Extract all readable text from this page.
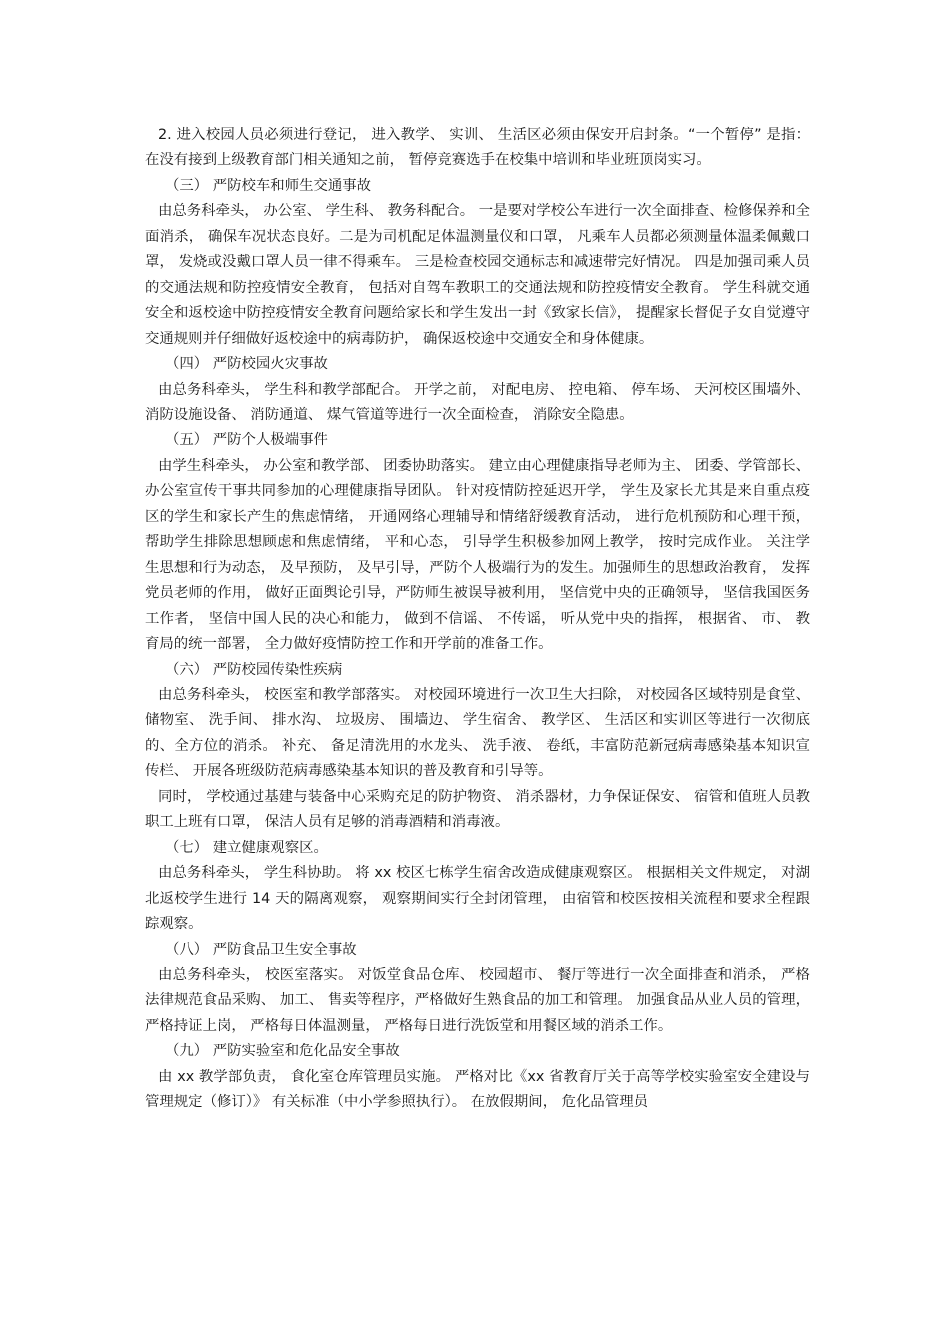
2. 进入校园人员必须进行登记， 进入教学、 实训、 生活区必须由保安开启封条。“一个暂停” 是指： 在没有接到上级教育部门相关通知之前， 暂停竞赛选手在校集中培训和毕业班顶岗实习。

（三） 严防校车和师生交通事故

由总务科牵头， 办公室、 学生科、 教务科配合。 一是要对学校公车进行一次全面排查、检修保养和全面消杀， 确保车况状态良好。二是为司机配足体温测量仪和口罩， 凡乘车人员都必须测量体温柔佩戴口罩， 发烧或没戴口罩人员一律不得乘车。 三是检查校园交通标志和减速带完好情况。 四是加强司乘人员的交通法规和防控疫情安全教育， 包括对自驾车教职工的交通法规和防控疫情安全教育。 学生科就交通安全和返校途中防控疫情安全教育问题给家长和学生发出一封《致家长信》， 提醒家长督促子女自觉遵守交通规则并仔细做好返校途中的病毒防护， 确保返校途中交通安全和身体健康。

（四） 严防校园火灾事故

由总务科牵头， 学生科和教学部配合。 开学之前， 对配电房、 控电箱、 停车场、 天河校区围墙外、 消防设施设备、 消防通道、 煤气管道等进行一次全面检查， 消除安全隐患。

（五） 严防个人极端事件

由学生科牵头， 办公室和教学部、 团委协助落实。 建立由心理健康指导老师为主、 团委、学管部长、 办公室宣传干事共同参加的心理健康指导团队。 针对疫情防控延迟开学， 学生及家长尤其是来自重点疫区的学生和家长产生的焦虑情绪， 开通网络心理辅导和情绪舒缓教育活动， 进行危机预防和心理干预， 帮助学生排除思想顾虑和焦虑情绪， 平和心态， 引导学生积极参加网上教学， 按时完成作业。 关注学生思想和行为动态， 及早预防， 及早引导，严防个人极端行为的发生。加强师生的思想政治教育， 发挥党员老师的作用， 做好正面舆论引导，严防师生被误导被利用， 坚信党中央的正确领导， 坚信我国医务工作者， 坚信中国人民的决心和能力， 做到不信谣、 不传谣， 听从党中央的指挥， 根据省、 市、 教育局的统一部署， 全力做好疫情防控工作和开学前的准备工作。

（六） 严防校园传染性疾病

由总务科牵头， 校医室和教学部落实。 对校园环境进行一次卫生大扫除， 对校园各区域特别是食堂、 储物室、 洗手间、 排水沟、 垃圾房、 围墙边、 学生宿舍、 教学区、 生活区和实训区等进行一次彻底的、全方位的消杀。 补充、 备足清洗用的水龙头、 洗手液、 卷纸，丰富防范新冠病毒感染基本知识宣传栏、 开展各班级防范病毒感染基本知识的普及教育和引导等。

同时， 学校通过基建与装备中心采购充足的防护物资、 消杀器材，力争保证保安、 宿管和值班人员教职工上班有口罩， 保洁人员有足够的消毒酒精和消毒液。

（七） 建立健康观察区。

由总务科牵头， 学生科协助。 将 xx 校区七栋学生宿舍改造成健康观察区。 根据相关文件规定， 对湖北返校学生进行 14 天的隔离观察， 观察期间实行全封闭管理， 由宿管和校医按相关流程和要求全程跟踪观察。

（八） 严防食品卫生安全事故

由总务科牵头， 校医室落实。 对饭堂食品仓库、 校园超市、 餐厅等进行一次全面排查和消杀， 严格法律规范食品采购、 加工、 售卖等程序，严格做好生熟食品的加工和管理。 加强食品从业人员的管理， 严格持证上岗， 严格每日体温测量， 严格每日进行洗饭堂和用餐区域的消杀工作。

（九） 严防实验室和危化品安全事故

由 xx 教学部负责， 食化室仓库管理员实施。 严格对比《xx 省教育厅关于高等学校实验室安全建设与管理规定（修订）》 有关标准（中小学参照执行）。 在放假期间， 危化品管理员
